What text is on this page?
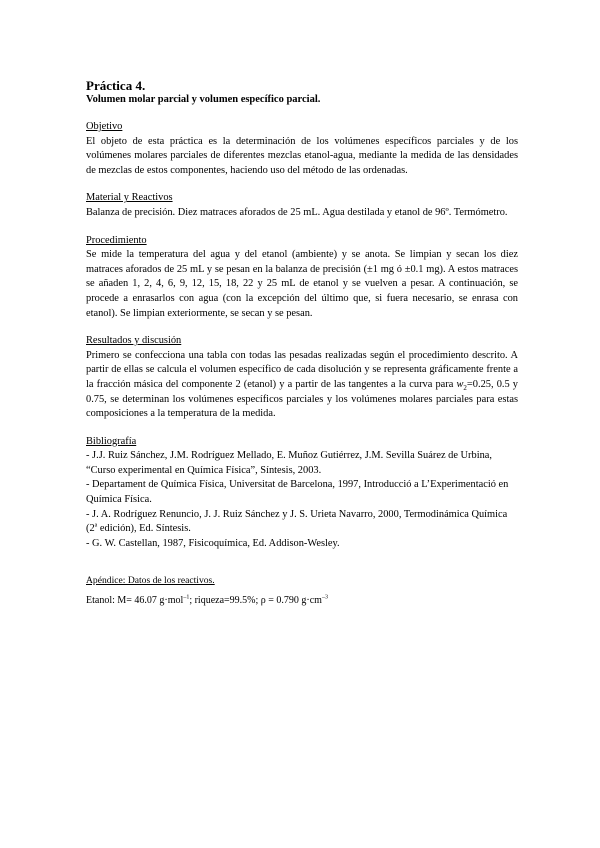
Práctica 4.

Volumen molar parcial y volumen específico parcial.

Objetivo

El objeto de esta práctica es la determinación de los volúmenes específicos parciales y de los volúmenes molares parciales de diferentes mezclas etanol-agua, mediante la medida de las densidades de mezclas de estos componentes, haciendo uso del método de las ordenadas.

Material y Reactivos

Balanza de precisión. Diez matraces aforados de 25 mL. Agua destilada y etanol de 96º. Termómetro.

Procedimiento

Se mide la temperatura del agua y del etanol (ambiente) y se anota. Se limpian y secan los diez matraces aforados de 25 mL y se pesan en la balanza de precisión (±1 mg ó ±0.1 mg). A estos matraces se añaden 1, 2, 4, 6, 9, 12, 15, 18, 22 y 25 mL de etanol y se vuelven a pesar. A continuación, se procede a enrasarlos con agua (con la excepción del último que, si fuera necesario, se enrasa con etanol). Se limpian exteriormente, se secan y se pesan.

Resultados y discusión

Primero se confecciona una tabla con todas las pesadas realizadas según el procedimiento descrito. A partir de ellas se calcula el volumen específico de cada disolución y se representa gráficamente frente a la fracción másica del componente 2 (etanol) y a partir de las tangentes a la curva para $w_2=0.25$, 0.5 y 0.75, se determinan los volúmenes específicos parciales y los volúmenes molares parciales para estas composiciones a la temperatura de la medida.

Bibliografía

- J.J. Ruiz Sánchez, J.M. Rodríguez Mellado, E. Muñoz Gutiérrez, J.M. Sevilla Suárez de Urbina, “Curso experimental en Química Física”, Síntesis, 2003.

- Departament de Química Física, Universitat de Barcelona, 1997, Introducció a L’Experimentació en Química Física.

- J. A. Rodríguez Renuncio, J. J. Ruiz Sánchez y J. S. Urieta Navarro, 2000, Termodinámica Química (2$^a$ edición), Ed. Síntesis.

- G. W. Castellan, 1987, Fisicoquímica, Ed. Addison-Wesley.

Apéndice: Datos de los reactivos.

Etanol: M= 46.07 g·mol$^{-1}$; riqueza=99.5%; ρ = 0.790 $g\cdot cm^{-3}$
